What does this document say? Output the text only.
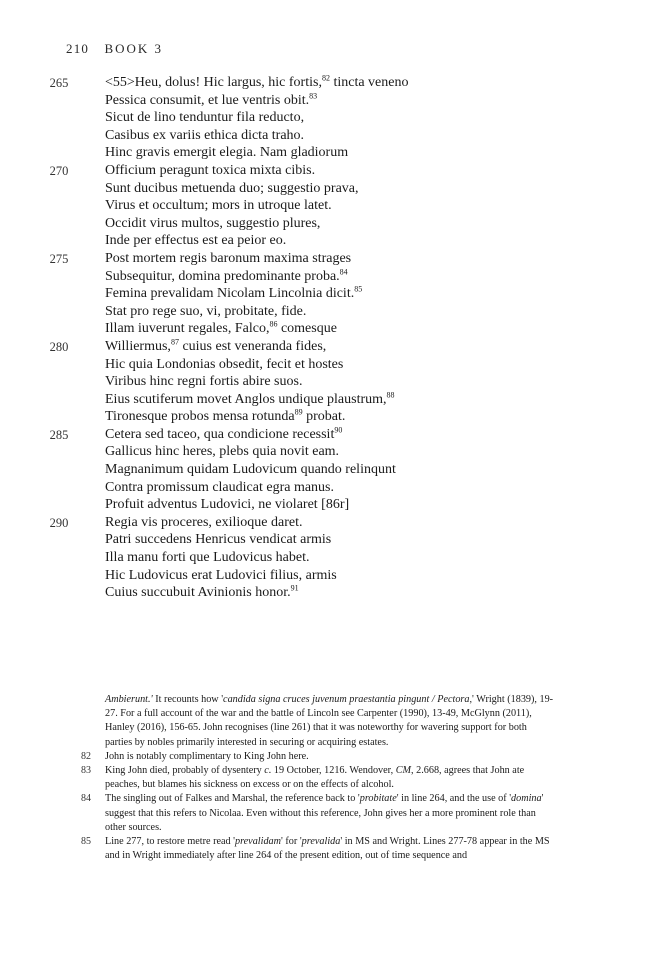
210 BOOK 3
265	<55>Heu, dolus! Hic largus, hic fortis,$^{82}$ tincta veneno
Pessica consumit, et lue ventris obit.$^{83}$
Sicut de lino tenduntur fila reducto,
Casibus ex variis ethica dicta traho.
Hinc gravis emergit elegia. Nam gladiorum
270	Officium peragunt toxica mixta cibis.
Sunt ducibus metuenda duo; suggestio prava,
Virus et occultum; mors in utroque latet.
Occidit virus multos, suggestio plures,
Inde per effectus est ea peior eo.
275	Post mortem regis baronum maxima strages
Subsequitur, domina predominante proba.$^{84}$
Femina prevalidam Nicolam Lincolnia dicit.$^{85}$
Stat pro rege suo, vi, probitate, fide.
Illam iuverunt regales, Falco,$^{86}$ comesque
280	Williermus,$^{87}$ cuius est veneranda fides,
Hic quia Londonias obsedit, fecit et hostes
Viribus hinc regni fortis abire suos.
Eius scutiferum movet Anglos undique plaustrum,$^{88}$
Tironesque probos mensa rotunda$^{89}$ probat.
285	Cetera sed taceo, qua condicione recessit$^{90}$
Gallicus hinc heres, plebs quia novit eam.
Magnanimum quidam Ludovicum quando relinqunt
Contra promissum claudicat egra manus.
Profuit adventus Ludovici, ne violaret [86r]
290	Regia vis proceres, exilioque daret.
Patri succedens Henricus vendicat armis
Illa manu forti que Ludovicus habet.
Hic Ludovicus erat Ludovici filius, armis
Cuius succubuit Avinionis honor.$^{91}$
Ambierunt.' It recounts how 'candida signa cruces juvenum praestantia pingunt / Pectora,' Wright (1839), 19-27. For a full account of the war and the battle of Lincoln see Carpenter (1990), 13-49, McGlynn (2011), Hanley (2016), 156-65. John recognises (line 261) that it was noteworthy for wavering support for both parties by nobles primarily interested in securing or acquiring estates.
82 John is notably complimentary to King John here.
83 King John died, probably of dysentery c. 19 October, 1216. Wendover, CM, 2.668, agrees that John ate peaches, but blames his sickness on excess or on the effects of alcohol.
84 The singling out of Falkes and Marshal, the reference back to 'probitate' in line 264, and the use of 'domina' suggest that this refers to Nicolaa. Even without this reference, John gives her a more prominent role than other sources.
85 Line 277, to restore metre read 'prevalidam' for 'prevalida' in MS and Wright. Lines 277-78 appear in the MS and in Wright immediately after line 264 of the present edition, out of time sequence and
